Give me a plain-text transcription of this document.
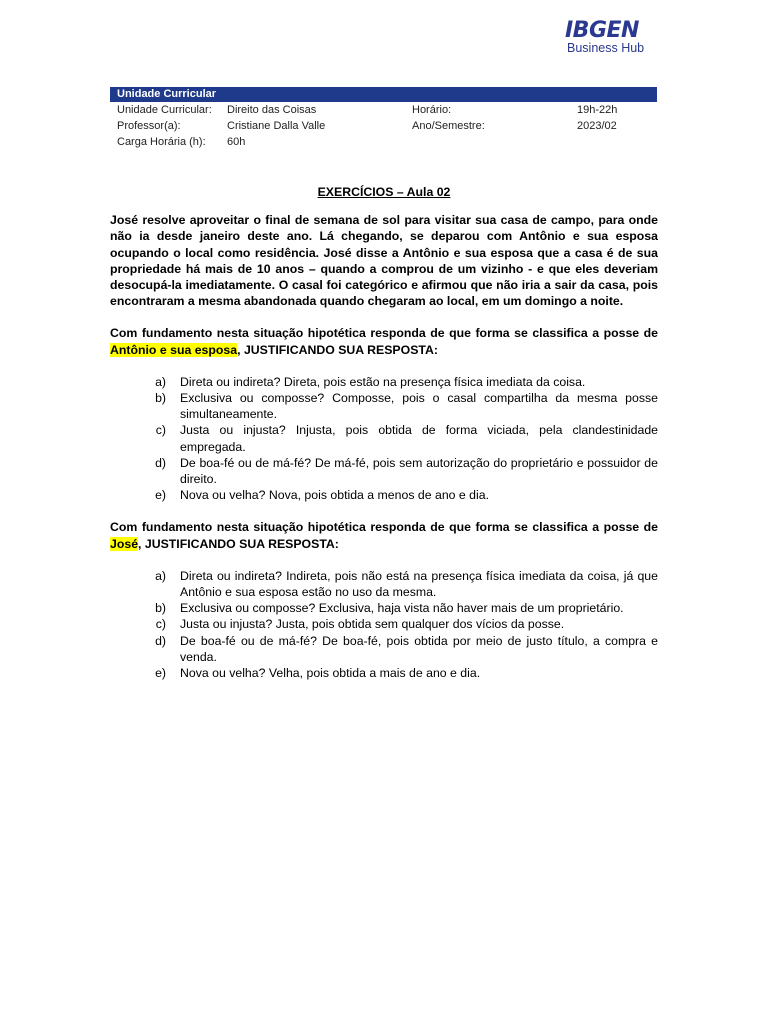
IBGEN
Business Hub
Unidade Curricular
Unidade Curricular:	Direito das Coisas	Horário:	19h-22h
Professor(a):	Cristiane Dalla Valle	Ano/Semestre:	2023/02
Carga Horária (h):	60h

EXERCÍCIOS – Aula 02

José resolve aproveitar o final de semana de sol para visitar sua casa de campo, para onde não ia desde janeiro deste ano. Lá chegando, se deparou com Antônio e sua esposa ocupando o local como residência. José disse a Antônio e sua esposa que a casa é de sua propriedade há mais de 10 anos – quando a comprou de um vizinho - e que eles deveriam desocupá-la imediatamente. O casal foi categórico e afirmou que não iria a sair da casa, pois encontraram a mesma abandonada quando chegaram ao local, em um domingo a noite.

Com fundamento nesta situação hipotética responda de que forma se classifica a posse de Antônio e sua esposa, JUSTIFICANDO SUA RESPOSTA:

a)	Direta ou indireta? Direta, pois estão na presença física imediata da coisa.
b)	Exclusiva ou composse? Composse, pois o casal compartilha da mesma posse simultaneamente.
c)	Justa ou injusta? Injusta, pois obtida de forma viciada, pela clandestinidade empregada.
d)	De boa-fé ou de má-fé? De má-fé, pois sem autorização do proprietário e possuidor de direito.
e)	Nova ou velha? Nova, pois obtida a menos de ano e dia.

Com fundamento nesta situação hipotética responda de que forma se classifica a posse de José, JUSTIFICANDO SUA RESPOSTA:

a)	Direta ou indireta? Indireta, pois não está na presença física imediata da coisa, já que Antônio e sua esposa estão no uso da mesma.
b)	Exclusiva ou composse? Exclusiva, haja vista não haver mais de um proprietário.
c)	Justa ou injusta? Justa, pois obtida sem qualquer dos vícios da posse.
d)	De boa-fé ou de má-fé? De boa-fé, pois obtida por meio de justo título, a compra e venda.
e)	Nova ou velha? Velha, pois obtida a mais de ano e dia.
